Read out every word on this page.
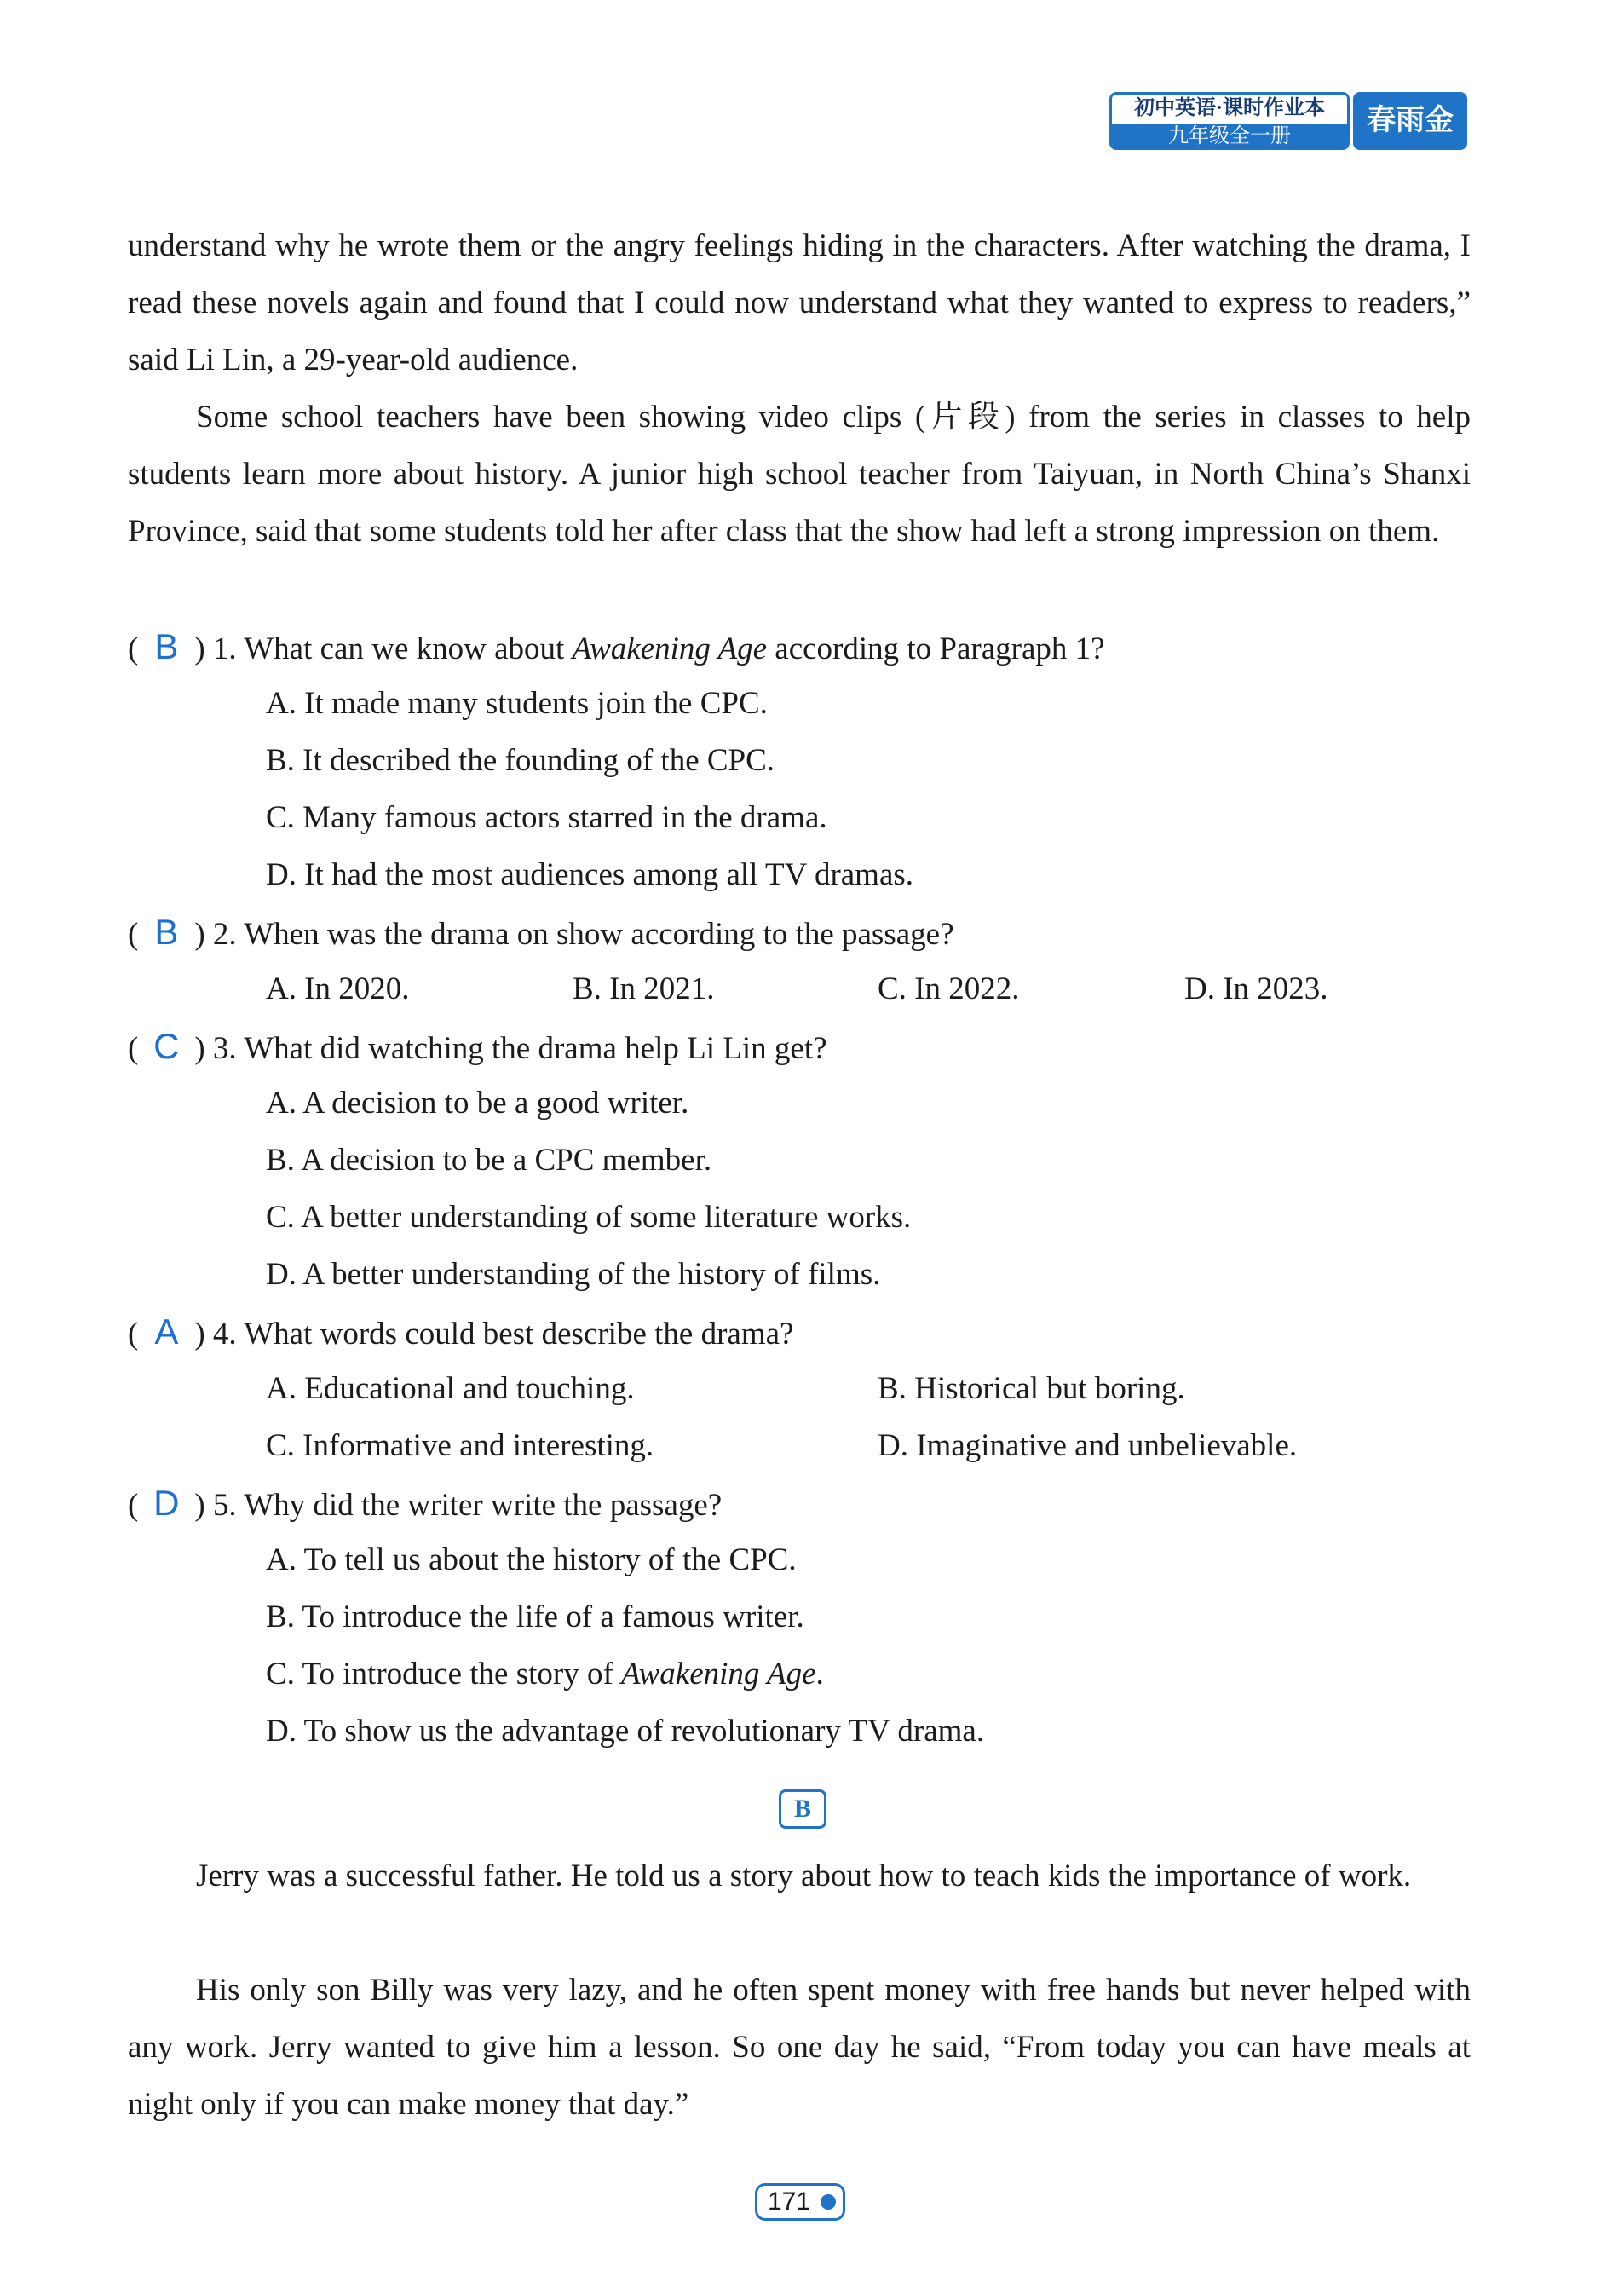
初中英语·课时作业本
九年级全一册	春雨金卷

understand why he wrote them or the angry feelings hiding in the characters. After watching the drama, I read these novels again and found that I could now understand what they wanted to express to readers,” said Li Lin, a 29-year-old audience.

Some school teachers have been showing video clips (片段) from the series in classes to help students learn more about history. A junior high school teacher from Taiyuan, in North China’s Shanxi Province, said that some students told her after class that the show had left a strong impression on them.

( B ) 1. What can we know about Awakening Age according to Paragraph 1?
A. It made many students join the CPC.
B. It described the founding of the CPC.
C. Many famous actors starred in the drama.
D. It had the most audiences among all TV dramas.
( B ) 2. When was the drama on show according to the passage?
A. In 2020.	B. In 2021.	C. In 2022.	D. In 2023.
( C ) 3. What did watching the drama help Li Lin get?
A. A decision to be a good writer.
B. A decision to be a CPC member.
C. A better understanding of some literature works.
D. A better understanding of the history of films.
( A ) 4. What words could best describe the drama?
A. Educational and touching.	B. Historical but boring.
C. Informative and interesting.	D. Imaginative and unbelievable.
( D ) 5. Why did the writer write the passage?
A. To tell us about the history of the CPC.
B. To introduce the life of a famous writer.
C. To introduce the story of Awakening Age.
D. To show us the advantage of revolutionary TV drama.
B

Jerry was a successful father. He told us a story about how to teach kids the importance of work.

His only son Billy was very lazy, and he often spent money with free hands but never helped with any work. Jerry wanted to give him a lesson. So one day he said, “From today you can have meals at night only if you can make money that day.”

171
